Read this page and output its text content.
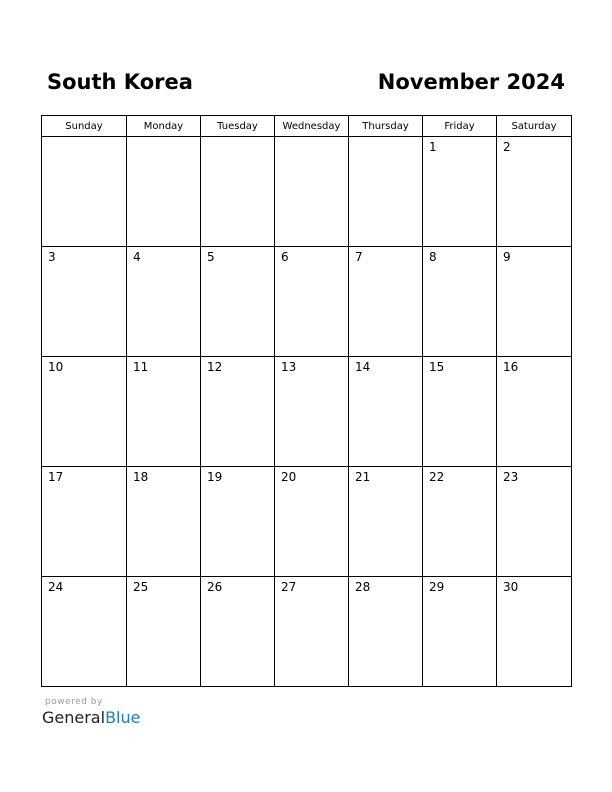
South Korea	November 2024
Sunday	Monday	Tuesday	Wednesday	Thursday	Friday	Saturday

					1	2

3	4	5	6	7	8	9

10	11	12	13	14	15	16

17	18	19	20	21	22	23

24	25	26	27	28	29	30
powered by
GeneralBlue
